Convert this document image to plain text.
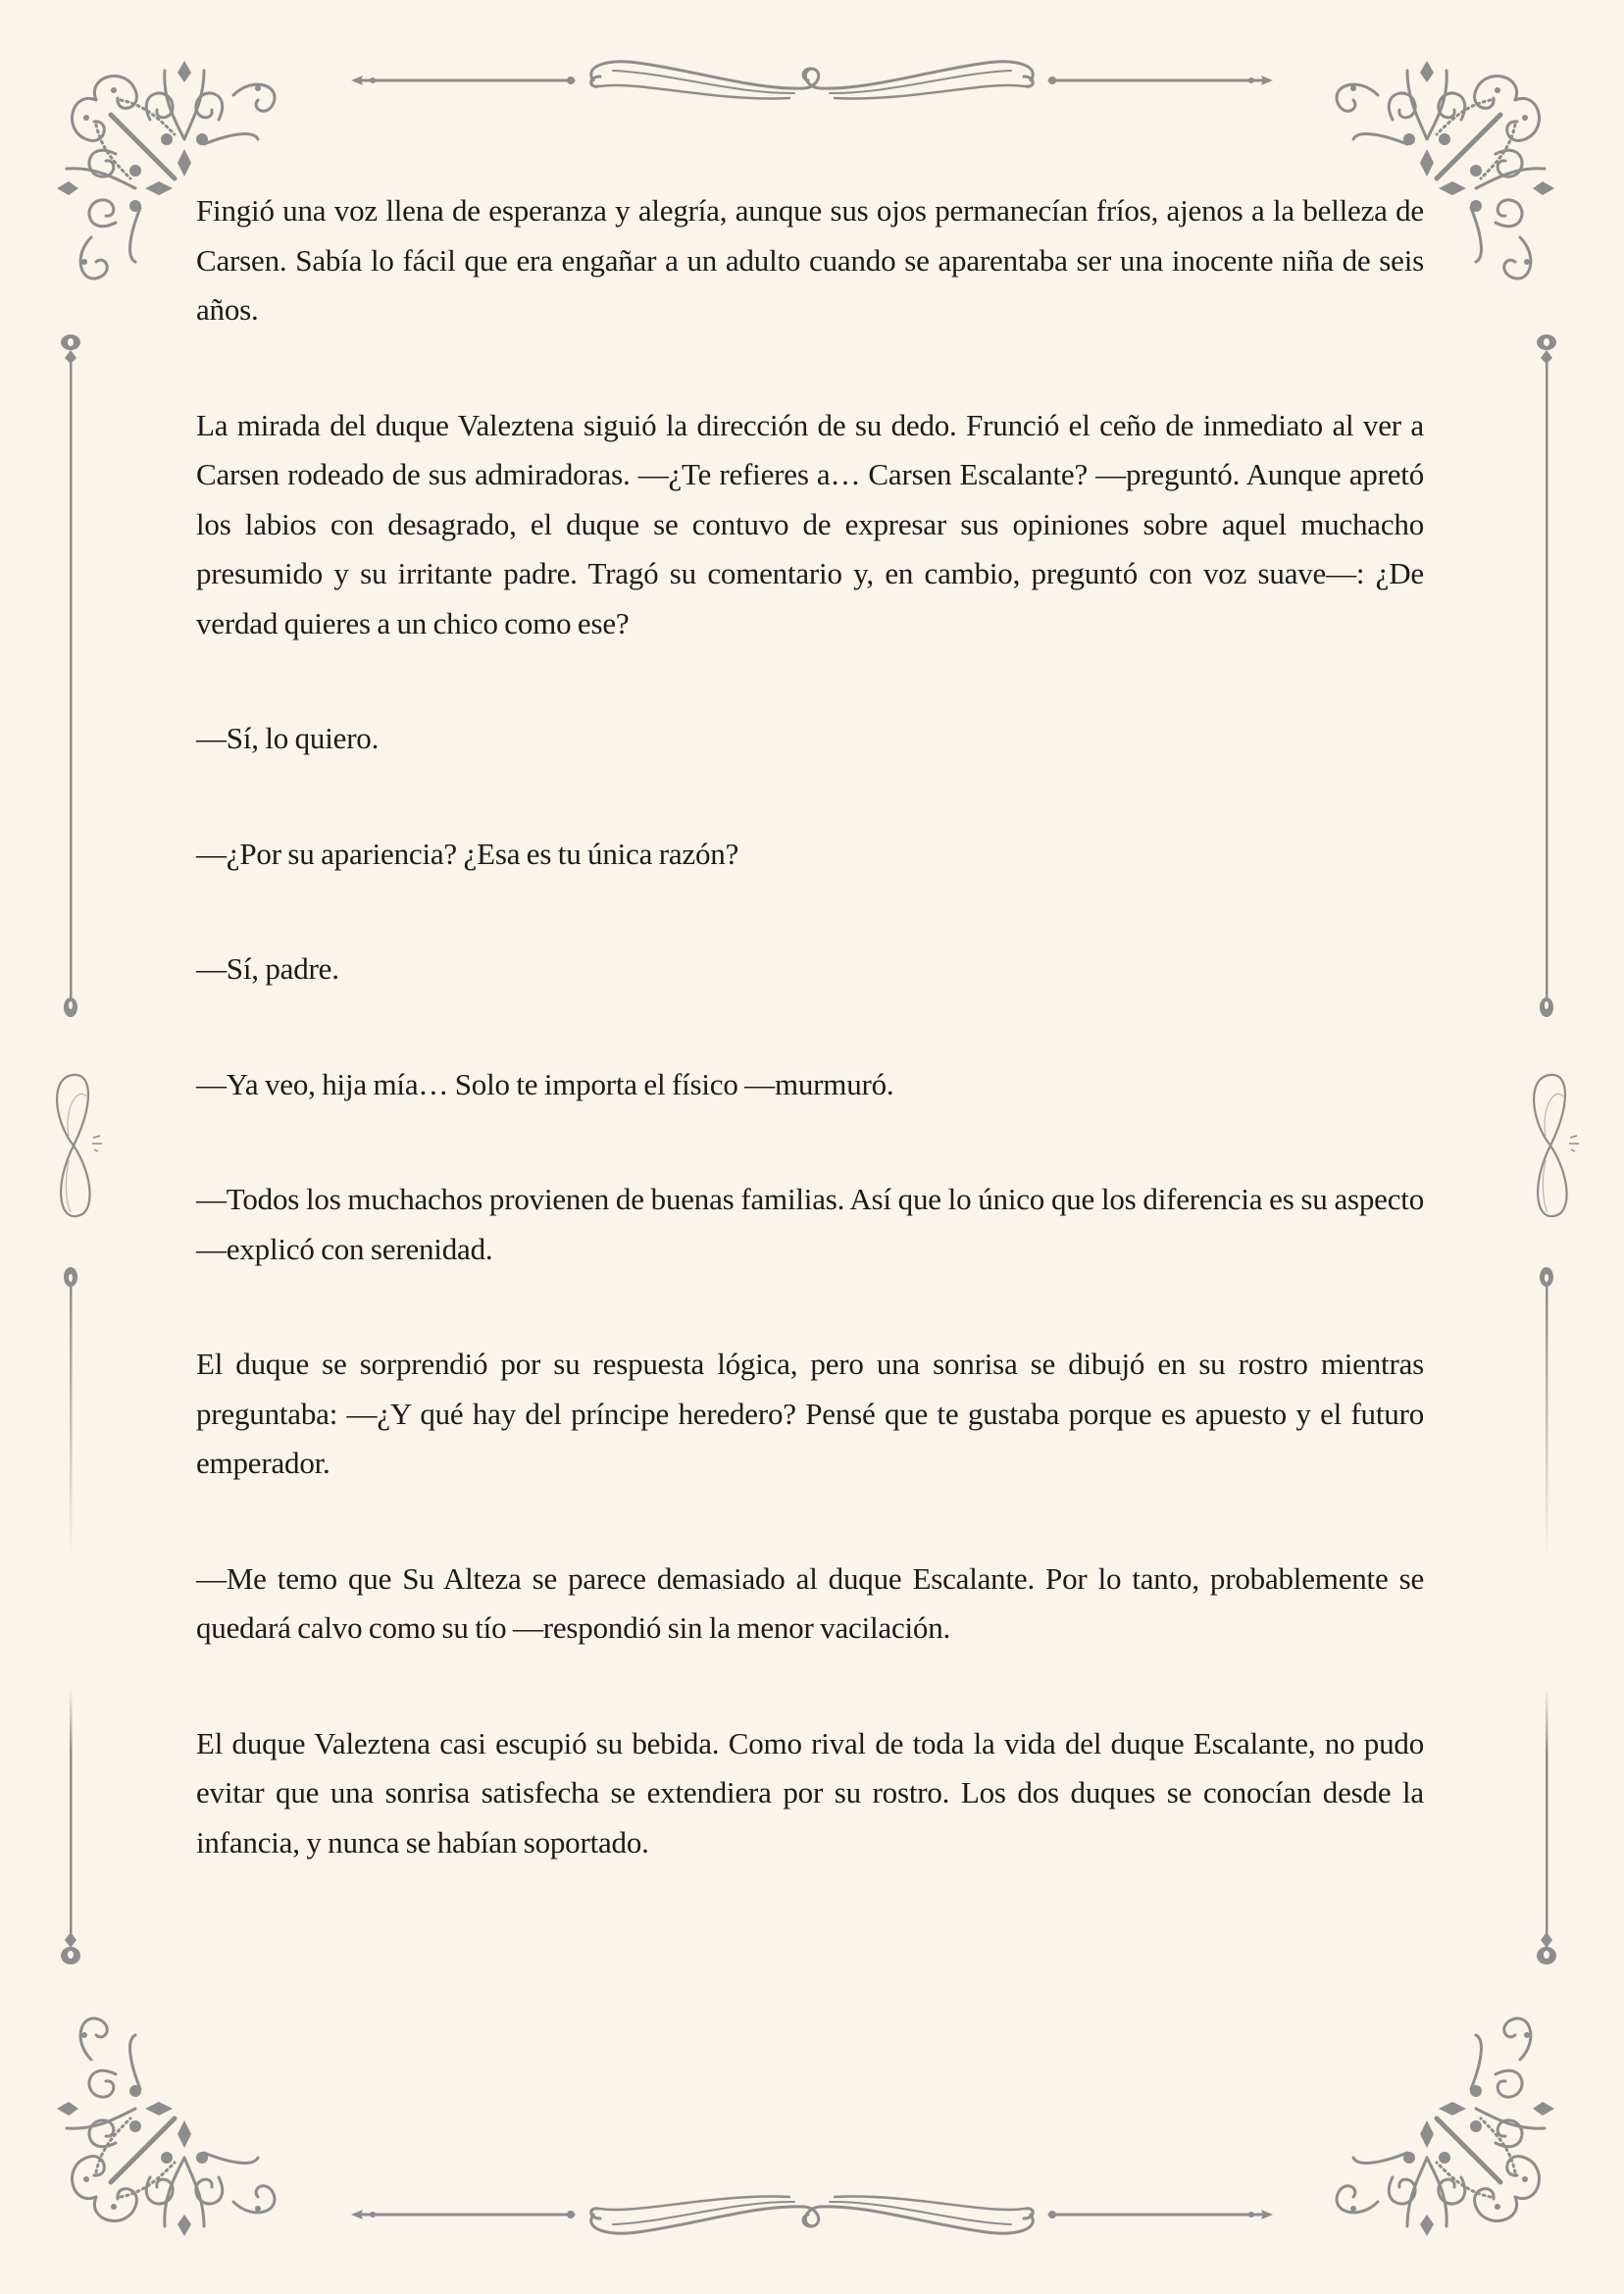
Fingió una voz llena de esperanza y alegría, aunque sus ojos permanecían fríos, ajenos a la belleza de Carsen. Sabía lo fácil que era engañar a un adulto cuando se aparentaba ser una inocente niña de seis años.

La mirada del duque Valeztena siguió la dirección de su dedo. Frunció el ceño de inmediato al ver a Carsen rodeado de sus admiradoras. —¿Te refieres a… Carsen Escalante? —preguntó. Aunque apretó los labios con desagrado, el duque se contuvo de expresar sus opiniones sobre aquel muchacho presumido y su irritante padre. Tragó su comentario y, en cambio, preguntó con voz suave—: ¿De verdad quieres a un chico como ese?

—Sí, lo quiero.

—¿Por su apariencia? ¿Esa es tu única razón?

—Sí, padre.

—Ya veo, hija mía… Solo te importa el físico —murmuró.

—Todos los muchachos provienen de buenas familias. Así que lo único que los diferencia es su aspecto —explicó con serenidad.

El duque se sorprendió por su respuesta lógica, pero una sonrisa se dibujó en su rostro mientras preguntaba: —¿Y qué hay del príncipe heredero? Pensé que te gustaba porque es apuesto y el futuro emperador.

—Me temo que Su Alteza se parece demasiado al duque Escalante. Por lo tanto, probablemente se quedará calvo como su tío —respondió sin la menor vacilación.

El duque Valeztena casi escupió su bebida. Como rival de toda la vida del duque Escalante, no pudo evitar que una sonrisa satisfecha se extendiera por su rostro. Los dos duques se conocían desde la infancia, y nunca se habían soportado.
